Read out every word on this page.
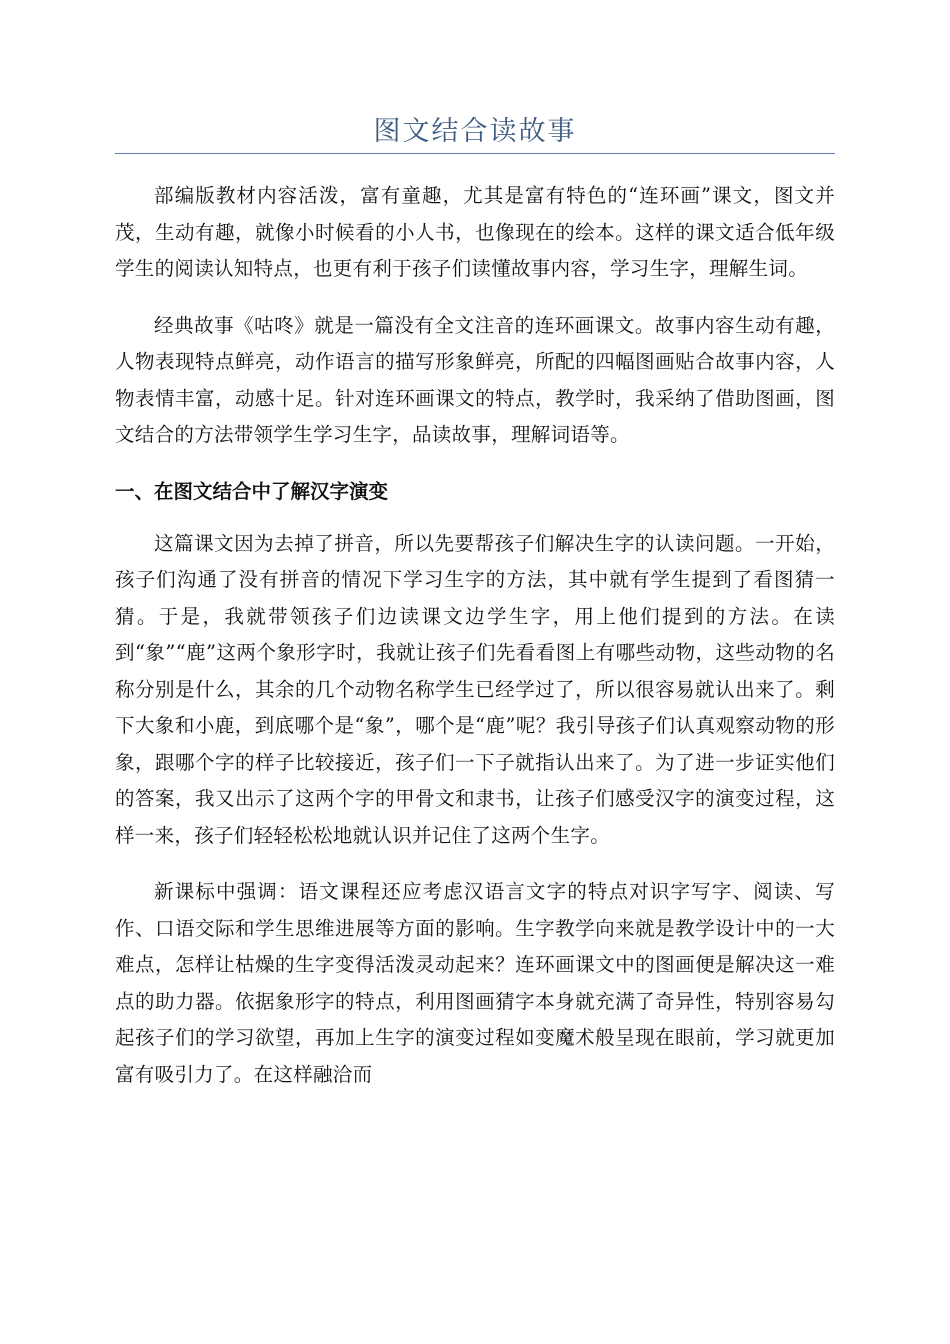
图文结合读故事

部编版教材内容活泼，富有童趣，尤其是富有特色的“连环画”课文，图文并茂，生动有趣，就像小时候看的小人书，也像现在的绘本。这样的课文适合低年级学生的阅读认知特点，也更有利于孩子们读懂故事内容，学习生字，理解生词。

经典故事《咕咚》就是一篇没有全文注音的连环画课文。故事内容生动有趣，人物表现特点鲜亮，动作语言的描写形象鲜亮，所配的四幅图画贴合故事内容，人物表情丰富，动感十足。针对连环画课文的特点，教学时，我采纳了借助图画，图文结合的方法带领学生学习生字，品读故事，理解词语等。

一、在图文结合中了解汉字演变

这篇课文因为去掉了拼音，所以先要帮孩子们解决生字的认读问题。一开始，孩子们沟通了没有拼音的情况下学习生字的方法，其中就有学生提到了看图猜一猜。于是，我就带领孩子们边读课文边学生字，用上他们提到的方法。在读到“象”“鹿”这两个象形字时，我就让孩子们先看看图上有哪些动物，这些动物的名称分别是什么，其余的几个动物名称学生已经学过了，所以很容易就认出来了。剩下大象和小鹿，到底哪个是“象”，哪个是“鹿”呢？我引导孩子们认真观察动物的形象，跟哪个字的样子比较接近，孩子们一下子就指认出来了。为了进一步证实他们的答案，我又出示了这两个字的甲骨文和隶书，让孩子们感受汉字的演变过程，这样一来，孩子们轻轻松松地就认识并记住了这两个生字。

新课标中强调：语文课程还应考虑汉语言文字的特点对识字写字、阅读、写作、口语交际和学生思维进展等方面的影响。生字教学向来就是教学设计中的一大难点，怎样让枯燥的生字变得活泼灵动起来？连环画课文中的图画便是解决这一难点的助力器。依据象形字的特点，利用图画猜字本身就充满了奇异性，特别容易勾起孩子们的学习欲望，再加上生字的演变过程如变魔术般呈现在眼前，学习就更加富有吸引力了。在这样融洽而
